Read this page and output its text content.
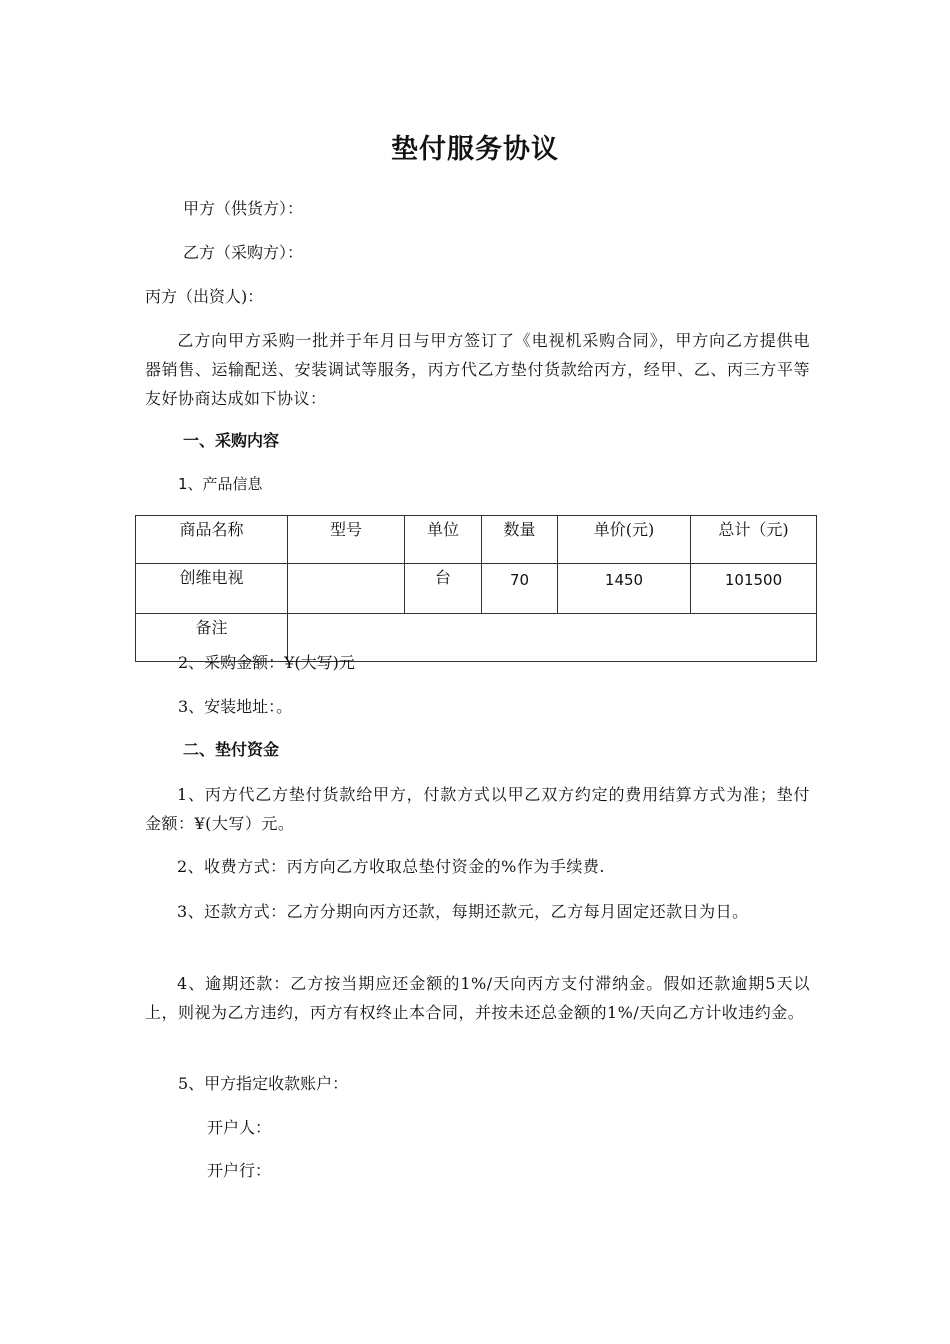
垫付服务协议
甲方（供货方）：
乙方（采购方）：
丙方（出资人)：
乙方向甲方采购一批并于年月日与甲方签订了《电视机采购合同》，甲方向乙方提供电器销售、运输配送、安装调试等服务，丙方代乙方垫付货款给丙方，经甲、乙、丙三方平等友好协商达成如下协议：
一、采购内容
1、产品信息
商品名称	型号	单位	数量	单价(元)	总计（元)
创维电视		台	70	1450	101500
备注					
2、采购金额：¥(大写)元
3、安装地址：。
二、垫付资金
1、丙方代乙方垫付货款给甲方，付款方式以甲乙双方约定的费用结算方式为准；垫付金额：¥(大写）元。
2、收费方式：丙方向乙方收取总垫付资金的%作为手续费.
3、还款方式：乙方分期向丙方还款，每期还款元，乙方每月固定还款日为日。
4、逾期还款：乙方按当期应还金额的1%/天向丙方支付滞纳金。假如还款逾期5天以上，则视为乙方违约，丙方有权终止本合同，并按未还总金额的1%/天向乙方计收违约金。
5、甲方指定收款账户：
开户人：
开户行：
